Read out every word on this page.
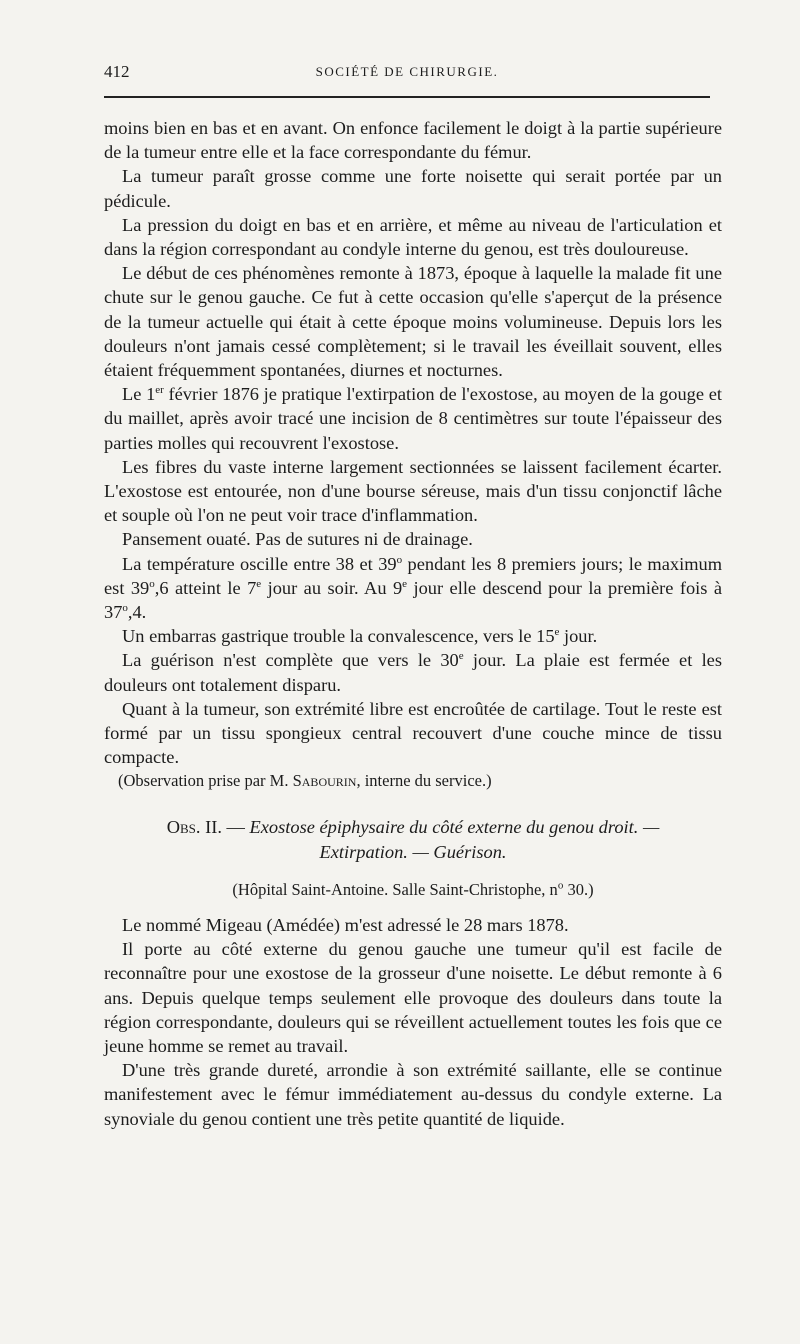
412	SOCIÉTÉ DE CHIRURGIE.

moins bien en bas et en avant. On enfonce facilement le doigt à la partie supérieure de la tumeur entre elle et la face correspondante du fémur.

La tumeur paraît grosse comme une forte noisette qui serait portée par un pédicule.

La pression du doigt en bas et en arrière, et même au niveau de l'articulation et dans la région correspondant au condyle interne du genou, est très douloureuse.

Le début de ces phénomènes remonte à 1873, époque à laquelle la malade fit une chute sur le genou gauche. Ce fut à cette occasion qu'elle s'aperçut de la présence de la tumeur actuelle qui était à cette époque moins volumineuse. Depuis lors les douleurs n'ont jamais cessé complètement; si le travail les éveillait souvent, elles étaient fréquemment spontanées, diurnes et nocturnes.

Le 1er février 1876 je pratique l'extirpation de l'exostose, au moyen de la gouge et du maillet, après avoir tracé une incision de 8 centimètres sur toute l'épaisseur des parties molles qui recouvrent l'exostose.

Les fibres du vaste interne largement sectionnées se laissent facilement écarter. L'exostose est entourée, non d'une bourse séreuse, mais d'un tissu conjonctif lâche et souple où l'on ne peut voir trace d'inflammation.

Pansement ouaté. Pas de sutures ni de drainage.

La température oscille entre 38 et 39$^o$ pendant les 8 premiers jours; le maximum est 39$^o$,6 atteint le 7e jour au soir. Au 9e jour elle descend pour la première fois à 37$^o$,4.

Un embarras gastrique trouble la convalescence, vers le 15e jour.

La guérison n'est complète que vers le 30e jour. La plaie est fermée et les douleurs ont totalement disparu.

Quant à la tumeur, son extrémité libre est encroûtée de cartilage. Tout le reste est formé par un tissu spongieux central recouvert d'une couche mince de tissu compacte.

(Observation prise par M. Sabourin, interne du service.)

Obs. II. — Exostose épiphysaire du côté externe du genou droit. —
Extirpation. — Guérison.
(Hôpital Saint-Antoine. Salle Saint-Christophe, $n^o$ 30.)

Le nommé Migeau (Amédée) m'est adressé le 28 mars 1878.

Il porte au côté externe du genou gauche une tumeur qu'il est facile de reconnaître pour une exostose de la grosseur d'une noisette. Le début remonte à 6 ans. Depuis quelque temps seulement elle provoque des douleurs dans toute la région correspondante, douleurs qui se réveillent actuellement toutes les fois que ce jeune homme se remet au travail.

D'une très grande dureté, arrondie à son extrémité saillante, elle se continue manifestement avec le fémur immédiatement au-dessus du condyle externe. La synoviale du genou contient une très petite quantité de liquide.
